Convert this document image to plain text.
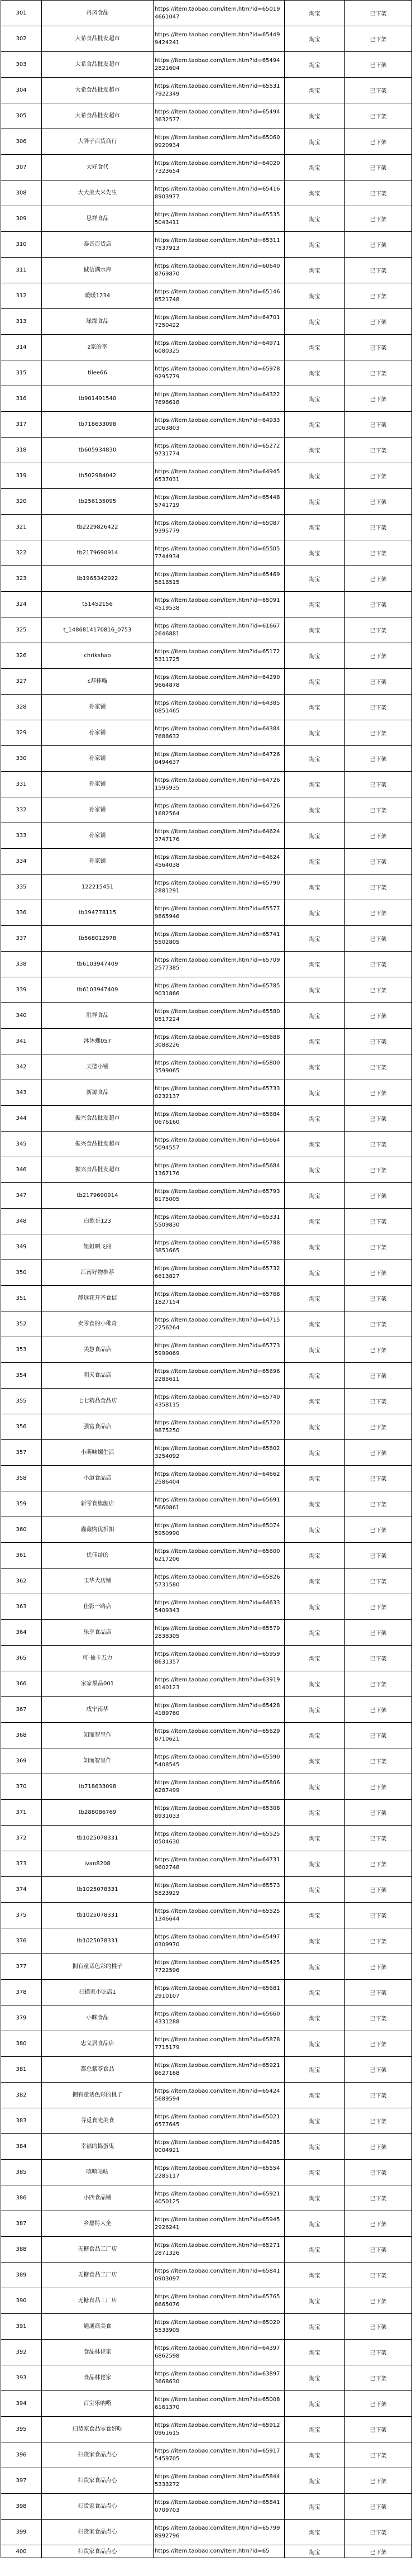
301	丹凤食品	https://item.taobao.com/item.htm?id=650194661047	淘宝	已下架
302	大希食品批发超市	https://item.taobao.com/item.htm?id=654499424241	淘宝	已下架
303	大希食品批发超市	https://item.taobao.com/item.htm?id=654942821604	淘宝	已下架
304	大希食品批发超市	https://item.taobao.com/item.htm?id=655317922349	淘宝	已下架
305	大希食品批发超市	https://item.taobao.com/item.htm?id=654943632577	淘宝	已下架
306	大胖子百货商行	https://item.taobao.com/item.htm?id=650609920934	淘宝	已下架
307	大好食代	https://item.taobao.com/item.htm?id=640207323654	淘宝	已下架
308	大大美大米先生	https://item.taobao.com/item.htm?id=654168903977	淘宝	已下架
309	思祥食品	https://item.taobao.com/item.htm?id=655355043411	淘宝	已下架
310	泰音百货店	https://item.taobao.com/item.htm?id=653117537913	淘宝	已下架
311	诚信满水库	https://item.taobao.com/item.htm?id=606408769870	淘宝	已下架
312	暖暖1234	https://item.taobao.com/item.htm?id=651468521748	淘宝	已下架
313	绿缘食品	https://item.taobao.com/item.htm?id=647017250422	淘宝	已下架
314	z家的李	https://item.taobao.com/item.htm?id=649716080325	淘宝	已下架
315	tilee66	https://item.taobao.com/item.htm?id=659789295779	淘宝	已下架
316	tb901491540	https://item.taobao.com/item.htm?id=643227898618	淘宝	已下架
317	tb718633098	https://item.taobao.com/item.htm?id=649332063803	淘宝	已下架
318	tb605934830	https://item.taobao.com/item.htm?id=652729731774	淘宝	已下架
319	tb502984042	https://item.taobao.com/item.htm?id=649456537031	淘宝	已下架
320	tb256135095	https://item.taobao.com/item.htm?id=654485741719	淘宝	已下架
321	tb2229826422	https://item.taobao.com/item.htm?id=650879395779	淘宝	已下架
322	tb2179690914	https://item.taobao.com/item.htm?id=655057744934	淘宝	已下架
323	tb1965342922	https://item.taobao.com/item.htm?id=654695818515	淘宝	已下架
324	t51452156	https://item.taobao.com/item.htm?id=650914519538	淘宝	已下架
325	t_1486814170816_0753	https://item.taobao.com/item.htm?id=616672646881	淘宝	已下架
326	chrikshao	https://item.taobao.com/item.htm?id=651725311725	淘宝	已下架
327	c荐棒喵	https://item.taobao.com/item.htm?id=642909664878	淘宝	已下架
328	孙家铺	https://item.taobao.com/item.htm?id=643850851465	淘宝	已下架
329	孙家铺	https://item.taobao.com/item.htm?id=643847688632	淘宝	已下架
330	孙家铺	https://item.taobao.com/item.htm?id=647260494637	淘宝	已下架
331	孙家铺	https://item.taobao.com/item.htm?id=647261595935	淘宝	已下架
332	孙家铺	https://item.taobao.com/item.htm?id=647261682564	淘宝	已下架
333	孙家铺	https://item.taobao.com/item.htm?id=646243747176	淘宝	已下架
334	孙家铺	https://item.taobao.com/item.htm?id=646244564038	淘宝	已下架
335	122215451	https://item.taobao.com/item.htm?id=657902881291	淘宝	已下架
336	tb194778115	https://item.taobao.com/item.htm?id=655779865946	淘宝	已下架
337	tb568012978	https://item.taobao.com/item.htm?id=657415502805	淘宝	已下架
338	tb6103947409	https://item.taobao.com/item.htm?id=657092577385	淘宝	已下架
339	tb6103947409	https://item.taobao.com/item.htm?id=657859031866	淘宝	已下架
340	胜祥食品	https://item.taobao.com/item.htm?id=655800517224	淘宝	已下架
341	沐沐螺057	https://item.taobao.com/item.htm?id=656883088226	淘宝	已下架
342	天德小铺	https://item.taobao.com/item.htm?id=658003599065	淘宝	已下架
343	新源食品	https://item.taobao.com/item.htm?id=657330232137	淘宝	已下架
344	振兴食品批发超市	https://item.taobao.com/item.htm?id=656840676160	淘宝	已下架
345	振兴食品批发超市	https://item.taobao.com/item.htm?id=656645094557	淘宝	已下架
346	振兴食品批发超市	https://item.taobao.com/item.htm?id=656841367176	淘宝	已下架
347	tb2179690914	https://item.taobao.com/item.htm?id=657938175005	淘宝	已下架
348	白欧哥123	https://item.taobao.com/item.htm?id=653315509830	淘宝	已下架
349	姐姐啊飞丽	https://item.taobao.com/item.htm?id=657883851665	淘宝	已下架
350	江南好物推荐	https://item.taobao.com/item.htm?id=657326613827	淘宝	已下架
351	静远花开齐食信	https://item.taobao.com/item.htm?id=657681827154	淘宝	已下架
352	卖零食的小佛奇	https://item.taobao.com/item.htm?id=647152256264	淘宝	已下架
353	美慧食品店	https://item.taobao.com/item.htm?id=657735999069	淘宝	已下架
354	明天食品店	https://item.taobao.com/item.htm?id=656962285611	淘宝	已下架
355	七七精品食品店	https://item.taobao.com/item.htm?id=657404358115	淘宝	已下架
356	强富食品店	https://item.taobao.com/item.htm?id=657209875250	淘宝	已下架
357	小萌味螺生活	https://item.taobao.com/item.htm?id=658023254092	淘宝	已下架
358	小道食品店	https://item.taobao.com/item.htm?id=646622586404	淘宝	已下架
359	新零食旗舰店	https://item.taobao.com/item.htm?id=656915660861	淘宝	已下架
360	鑫鑫购优折扣	https://item.taobao.com/item.htm?id=650745950990	淘宝	已下架
361	优佳哥的	https://item.taobao.com/item.htm?id=656006217206	淘宝	已下架
362	玉华大店铺	https://item.taobao.com/item.htm?id=658265731580	淘宝	已下架
363	佳影一路店	https://item.taobao.com/item.htm?id=646335409343	淘宝	已下架
364	乐享食品店	https://item.taobao.com/item.htm?id=655792838305	淘宝	已下架
365	可·袖卡五力	https://item.taobao.com/item.htm?id=659598631357	淘宝	已下架
366	家家果品001	https://item.taobao.com/item.htm?id=639198140123	淘宝	已下架
367	咸宁南华	https://item.taobao.com/item.htm?id=654284189760	淘宝	已下架
368	知而智呈作	https://item.taobao.com/item.htm?id=656298710621	淘宝	已下架
369	知而智呈作	https://item.taobao.com/item.htm?id=655905408545	淘宝	已下架
370	tb718633098	https://item.taobao.com/item.htm?id=658066287499	淘宝	已下架
371	tb288086769	https://item.taobao.com/item.htm?id=653088931033	淘宝	已下架
372	tb1025078331	https://item.taobao.com/item.htm?id=655250504630	淘宝	已下架
373	ivan8208	https://item.taobao.com/item.htm?id=647319602748	淘宝	已下架
374	tb1025078331	https://item.taobao.com/item.htm?id=655735823929	淘宝	已下架
375	tb1025078331	https://item.taobao.com/item.htm?id=655251346644	淘宝	已下架
376	tb1025078331	https://item.taobao.com/item.htm?id=654970309970	淘宝	已下架
377	拥有童话色彩的桃子	https://item.taobao.com/item.htm?id=654257722596	淘宝	已下架
378	扫描家小吃店1	https://item.taobao.com/item.htm?id=656812910107	淘宝	已下架
379	小眯食品	https://item.taobao.com/item.htm?id=656604331288	淘宝	已下架
380	忠义居食品店	https://item.taobao.com/item.htm?id=658787715179	淘宝	已下架
381	都总紫苓食品	https://item.taobao.com/item.htm?id=659218627168	淘宝	已下架
382	拥有童话色彩的桃子	https://item.taobao.com/item.htm?id=654245689594	淘宝	已下架
383	寻觅食光美食	https://item.taobao.com/item.htm?id=650216577645	淘宝	已下架
384	幸福的捣蛋鬼	https://item.taobao.com/item.htm?id=642850004921	淘宝	已下架
385	嘻嘻咕咕	https://item.taobao.com/item.htm?id=655542285117	淘宝	已下架
386	小四食品铺	https://item.taobao.com/item.htm?id=659214050125	淘宝	已下架
387	乡愿特大全	https://item.taobao.com/item.htm?id=659452926241	淘宝	已下架
388	无糖食品工厂店	https://item.taobao.com/item.htm?id=652712871326	淘宝	已下架
389	无糖食品工厂店	https://item.taobao.com/item.htm?id=658410903097	淘宝	已下架
390	无糖食品工厂店	https://item.taobao.com/item.htm?id=657658665076	淘宝	已下架
391	通通商美食	https://item.taobao.com/item.htm?id=650205533905	淘宝	已下架
392	食品林佬家	https://item.taobao.com/item.htm?id=643976862598	淘宝	已下架
393	食品林佬家	https://item.taobao.com/item.htm?id=638973668630	淘宝	已下架
394	百宝乐吶嗒	https://item.taobao.com/item.htm?id=650086161370	淘宝	已下架
395	扫货家食品零食好吃	https://item.taobao.com/item.htm?id=659120961615	淘宝	已下架
396	扫货家食品点心	https://item.taobao.com/item.htm?id=659175459705	淘宝	已下架
397	扫货家食品点心	https://item.taobao.com/item.htm?id=658445333272	淘宝	已下架
398	扫货家食品点心	https://item.taobao.com/item.htm?id=658410709703	淘宝	已下架
399	扫货家食品点心	https://item.taobao.com/item.htm?id=657998992796	淘宝	已下架
400	扫货家食品点心	https://item.taobao.com/item.htm?id=65	淘宝	已下架
